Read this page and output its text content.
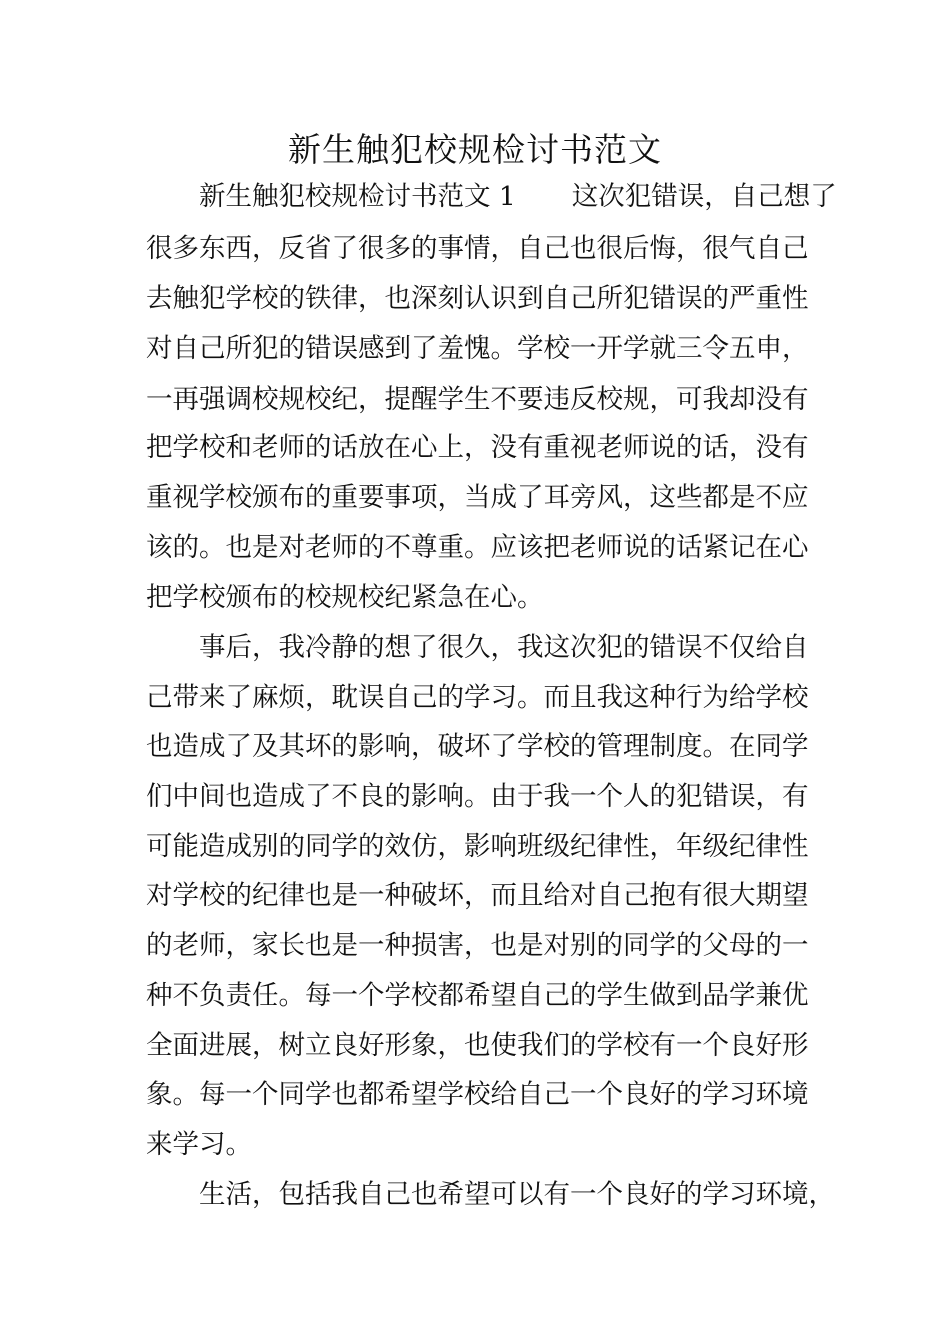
新生触犯校规检讨书范文
新生触犯校规检讨书范文 1 这次犯错误，自己想了
很多东西，反省了很多的事情，自己也很后悔，很气自己
去触犯学校的铁律，也深刻认识到自己所犯错误的严重性
对自己所犯的错误感到了羞愧。学校一开学就三令五申，
一再强调校规校纪，提醒学生不要违反校规，可我却没有
把学校和老师的话放在心上，没有重视老师说的话，没有
重视学校颁布的重要事项，当成了耳旁风，这些都是不应
该的。也是对老师的不尊重。应该把老师说的话紧记在心
把学校颁布的校规校纪紧急在心。
事后，我冷静的想了很久，我这次犯的错误不仅给自
己带来了麻烦，耽误自己的学习。而且我这种行为给学校
也造成了及其坏的影响，破坏了学校的管理制度。在同学
们中间也造成了不良的影响。由于我一个人的犯错误，有
可能造成别的同学的效仿，影响班级纪律性，年级纪律性
对学校的纪律也是一种破坏，而且给对自己抱有很大期望
的老师，家长也是一种损害，也是对别的同学的父母的一
种不负责任。每一个学校都希望自己的学生做到品学兼优
全面进展，树立良好形象，也使我们的学校有一个良好形
象。每一个同学也都希望学校给自己一个良好的学习环境
来学习。
生活，包括我自己也希望可以有一个良好的学习环境，
